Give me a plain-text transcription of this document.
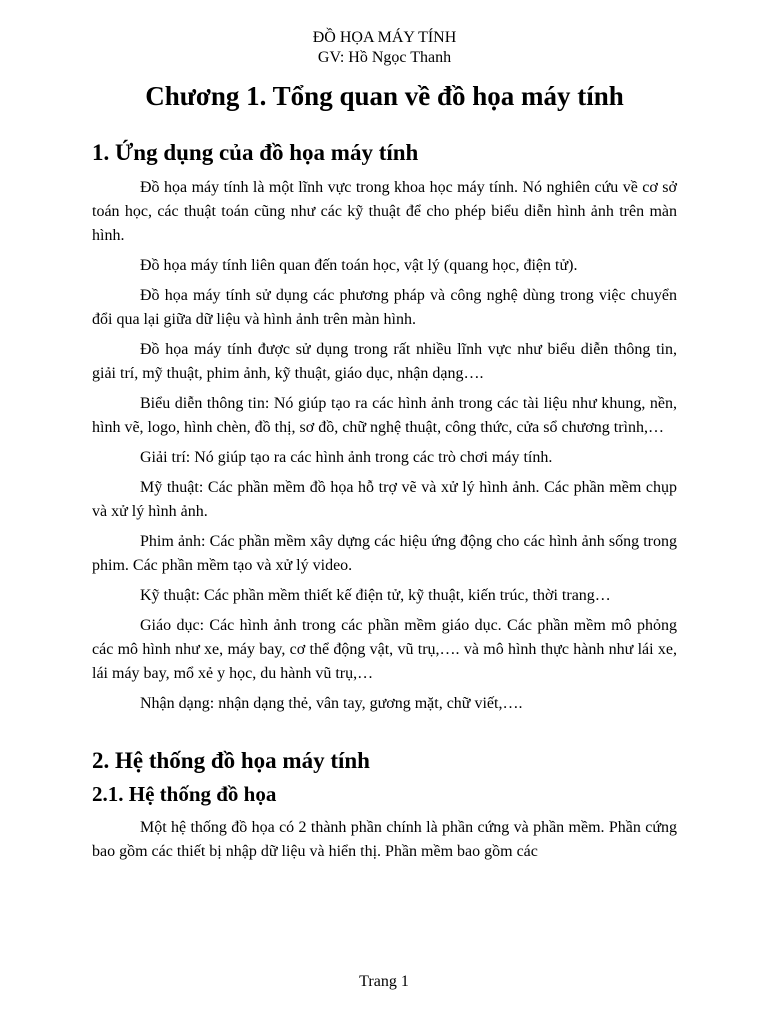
ĐỒ HỌA MÁY TÍNH
GV: Hồ Ngọc Thanh
Chương 1. Tổng quan về đồ họa máy tính
1. Ứng dụng của đồ họa máy tính

Đồ họa máy tính là một lĩnh vực trong khoa học máy tính. Nó nghiên cứu về cơ sở toán học, các thuật toán cũng như các kỹ thuật để cho phép biểu diễn hình ảnh trên màn hình.

Đồ họa máy tính liên quan đến toán học, vật lý (quang học, điện tử).

Đồ họa máy tính sử dụng các phương pháp và công nghệ dùng trong việc chuyển đổi qua lại giữa dữ liệu và hình ảnh trên màn hình.

Đồ họa máy tính được sử dụng trong rất nhiều lĩnh vực như biểu diễn thông tin, giải trí, mỹ thuật, phim ảnh, kỹ thuật, giáo dục, nhận dạng….

Biểu diễn thông tin: Nó giúp tạo ra các hình ảnh trong các tài liệu như khung, nền, hình vẽ, logo, hình chèn, đồ thị, sơ đồ, chữ nghệ thuật, công thức, cửa sổ chương trình,…

Giải trí: Nó giúp tạo ra các hình ảnh trong các trò chơi máy tính.

Mỹ thuật: Các phần mềm đồ họa hỗ trợ vẽ và xử lý hình ảnh. Các phần mềm chụp và xử lý hình ảnh.

Phim ảnh: Các phần mềm xây dựng các hiệu ứng động cho các hình ảnh sống trong phim. Các phần mềm tạo và xử lý video.

Kỹ thuật: Các phần mềm thiết kế điện tử, kỹ thuật, kiến trúc, thời trang…

Giáo dục: Các hình ảnh trong các phần mềm giáo dục. Các phần mềm mô phỏng các mô hình như xe, máy bay, cơ thể động vật, vũ trụ,…. và mô hình thực hành như lái xe, lái máy bay, mổ xẻ y học, du hành vũ trụ,…

Nhận dạng: nhận dạng thẻ, vân tay, gương mặt, chữ viết,….

2. Hệ thống đồ họa máy tính
2.1. Hệ thống đồ họa

Một hệ thống đồ họa có 2 thành phần chính là phần cứng và phần mềm. Phần cứng bao gồm các thiết bị nhập dữ liệu và hiển thị. Phần mềm bao gồm các

Trang 1
